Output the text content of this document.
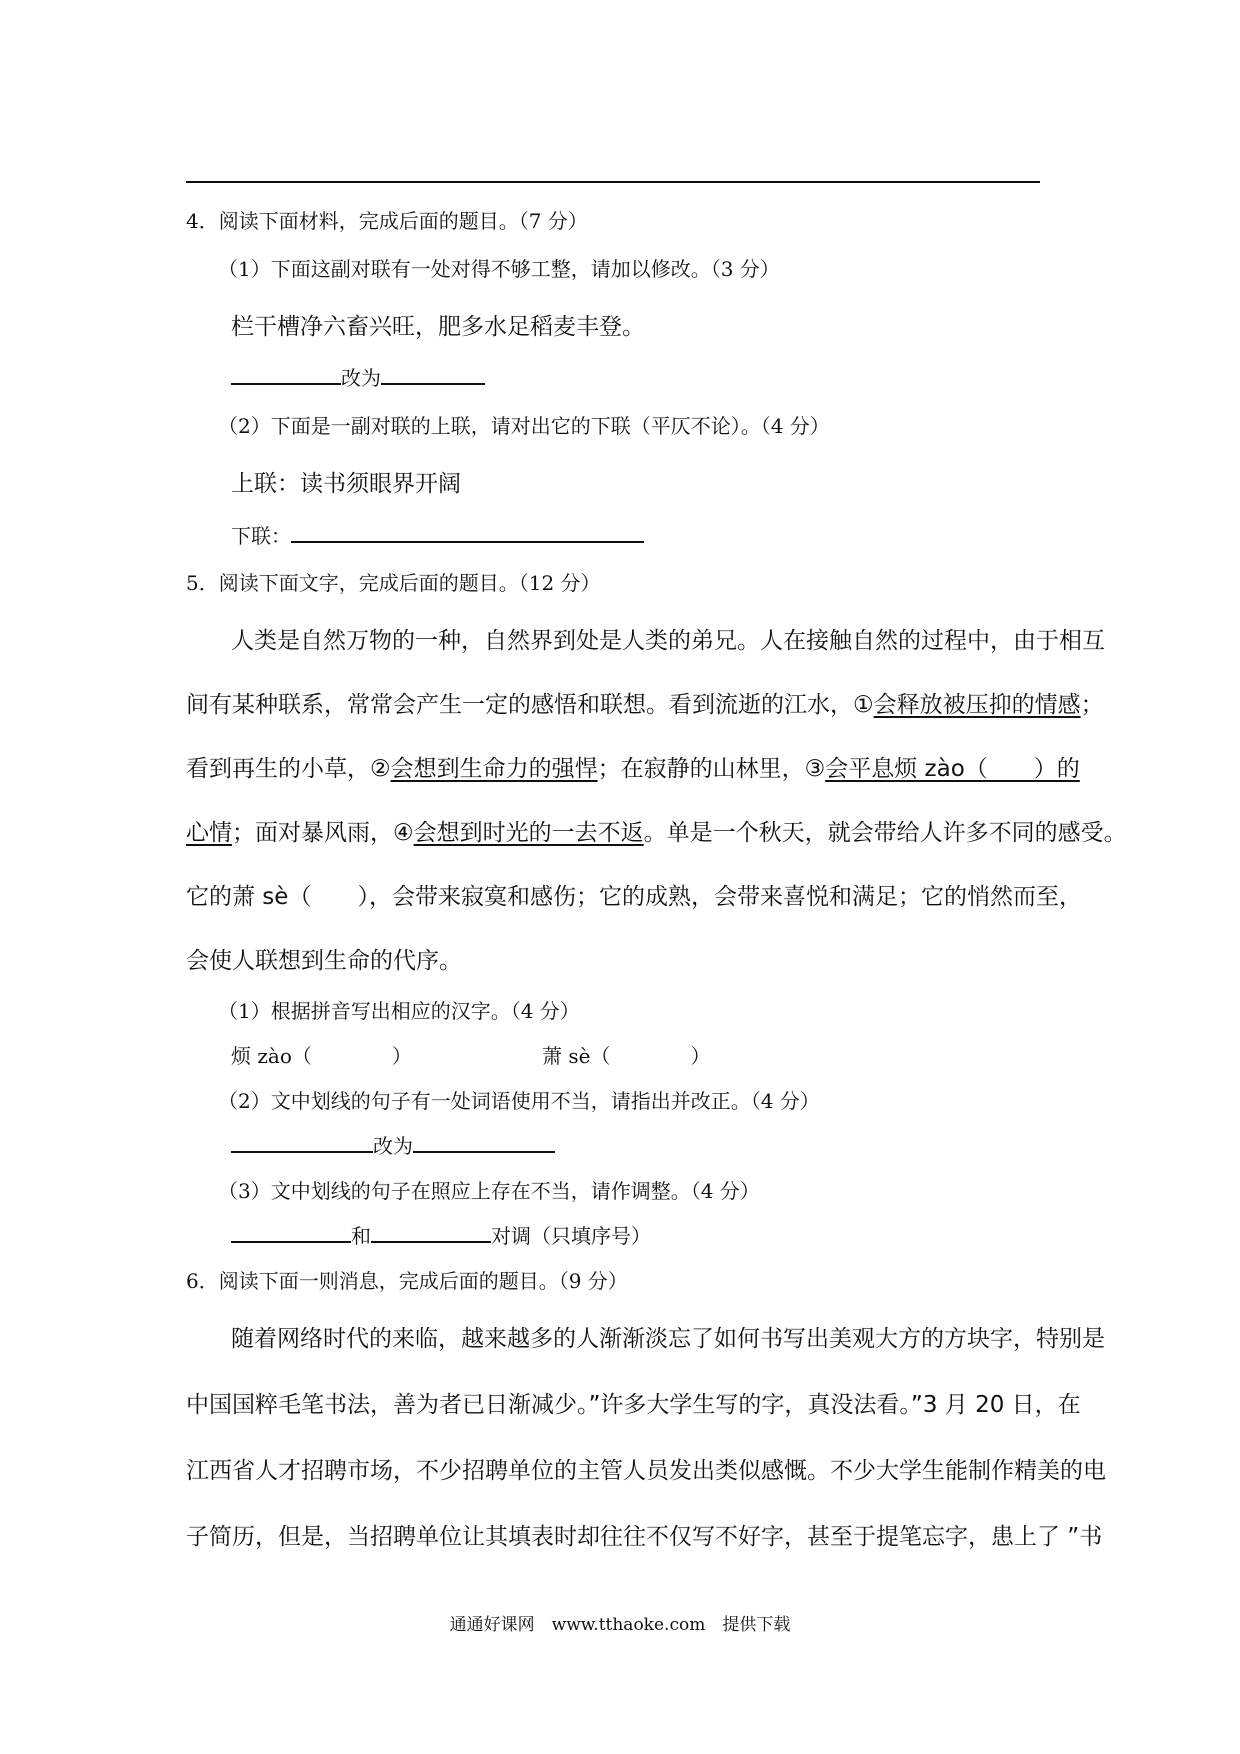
4．阅读下面材料，完成后面的题目。（7 分）
（1）下面这副对联有一处对得不够工整，请加以修改。（3 分）
栏干槽净六畜兴旺，肥多水足稻麦丰登。
改为
（2）下面是一副对联的上联，请对出它的下联（平仄不论）。（4 分）
上联：读书须眼界开阔
下联：
5．阅读下面文字，完成后面的题目。（12 分）
人类是自然万物的一种，自然界到处是人类的弟兄。人在接触自然的过程中，由于相互
间有某种联系，常常会产生一定的感悟和联想。看到流逝的江水，①会释放被压抑的情感；
看到再生的小草，②会想到生命力的强悍；在寂静的山林里，③会平息烦 zào（　　）的
心情；面对暴风雨，④会想到时光的一去不返。单是一个秋天，就会带给人许多不同的感受。
它的萧 sè（　　），会带来寂寞和感伤；它的成熟，会带来喜悦和满足；它的悄然而至，
会使人联想到生命的代序。
（1）根据拼音写出相应的汉字。（4 分）
烦 zào（　　　　）	萧 sè（　　　　）
（2）文中划线的句子有一处词语使用不当，请指出并改正。（4 分）
改为
（3）文中划线的句子在照应上存在不当，请作调整。（4 分）
和	对调（只填序号）
6．阅读下面一则消息，完成后面的题目。（9 分）
随着网络时代的来临，越来越多的人渐渐淡忘了如何书写出美观大方的方块字，特别是
中国国粹毛笔书法，善为者已日渐减少。”许多大学生写的字，真没法看。”3 月 20 日，在
江西省人才招聘市场，不少招聘单位的主管人员发出类似感慨。不少大学生能制作精美的电
子简历，但是，当招聘单位让其填表时却往往不仅写不好字，甚至于提笔忘字，患上了 ”书
通通好课网　www.tthaoke.com　提供下载
